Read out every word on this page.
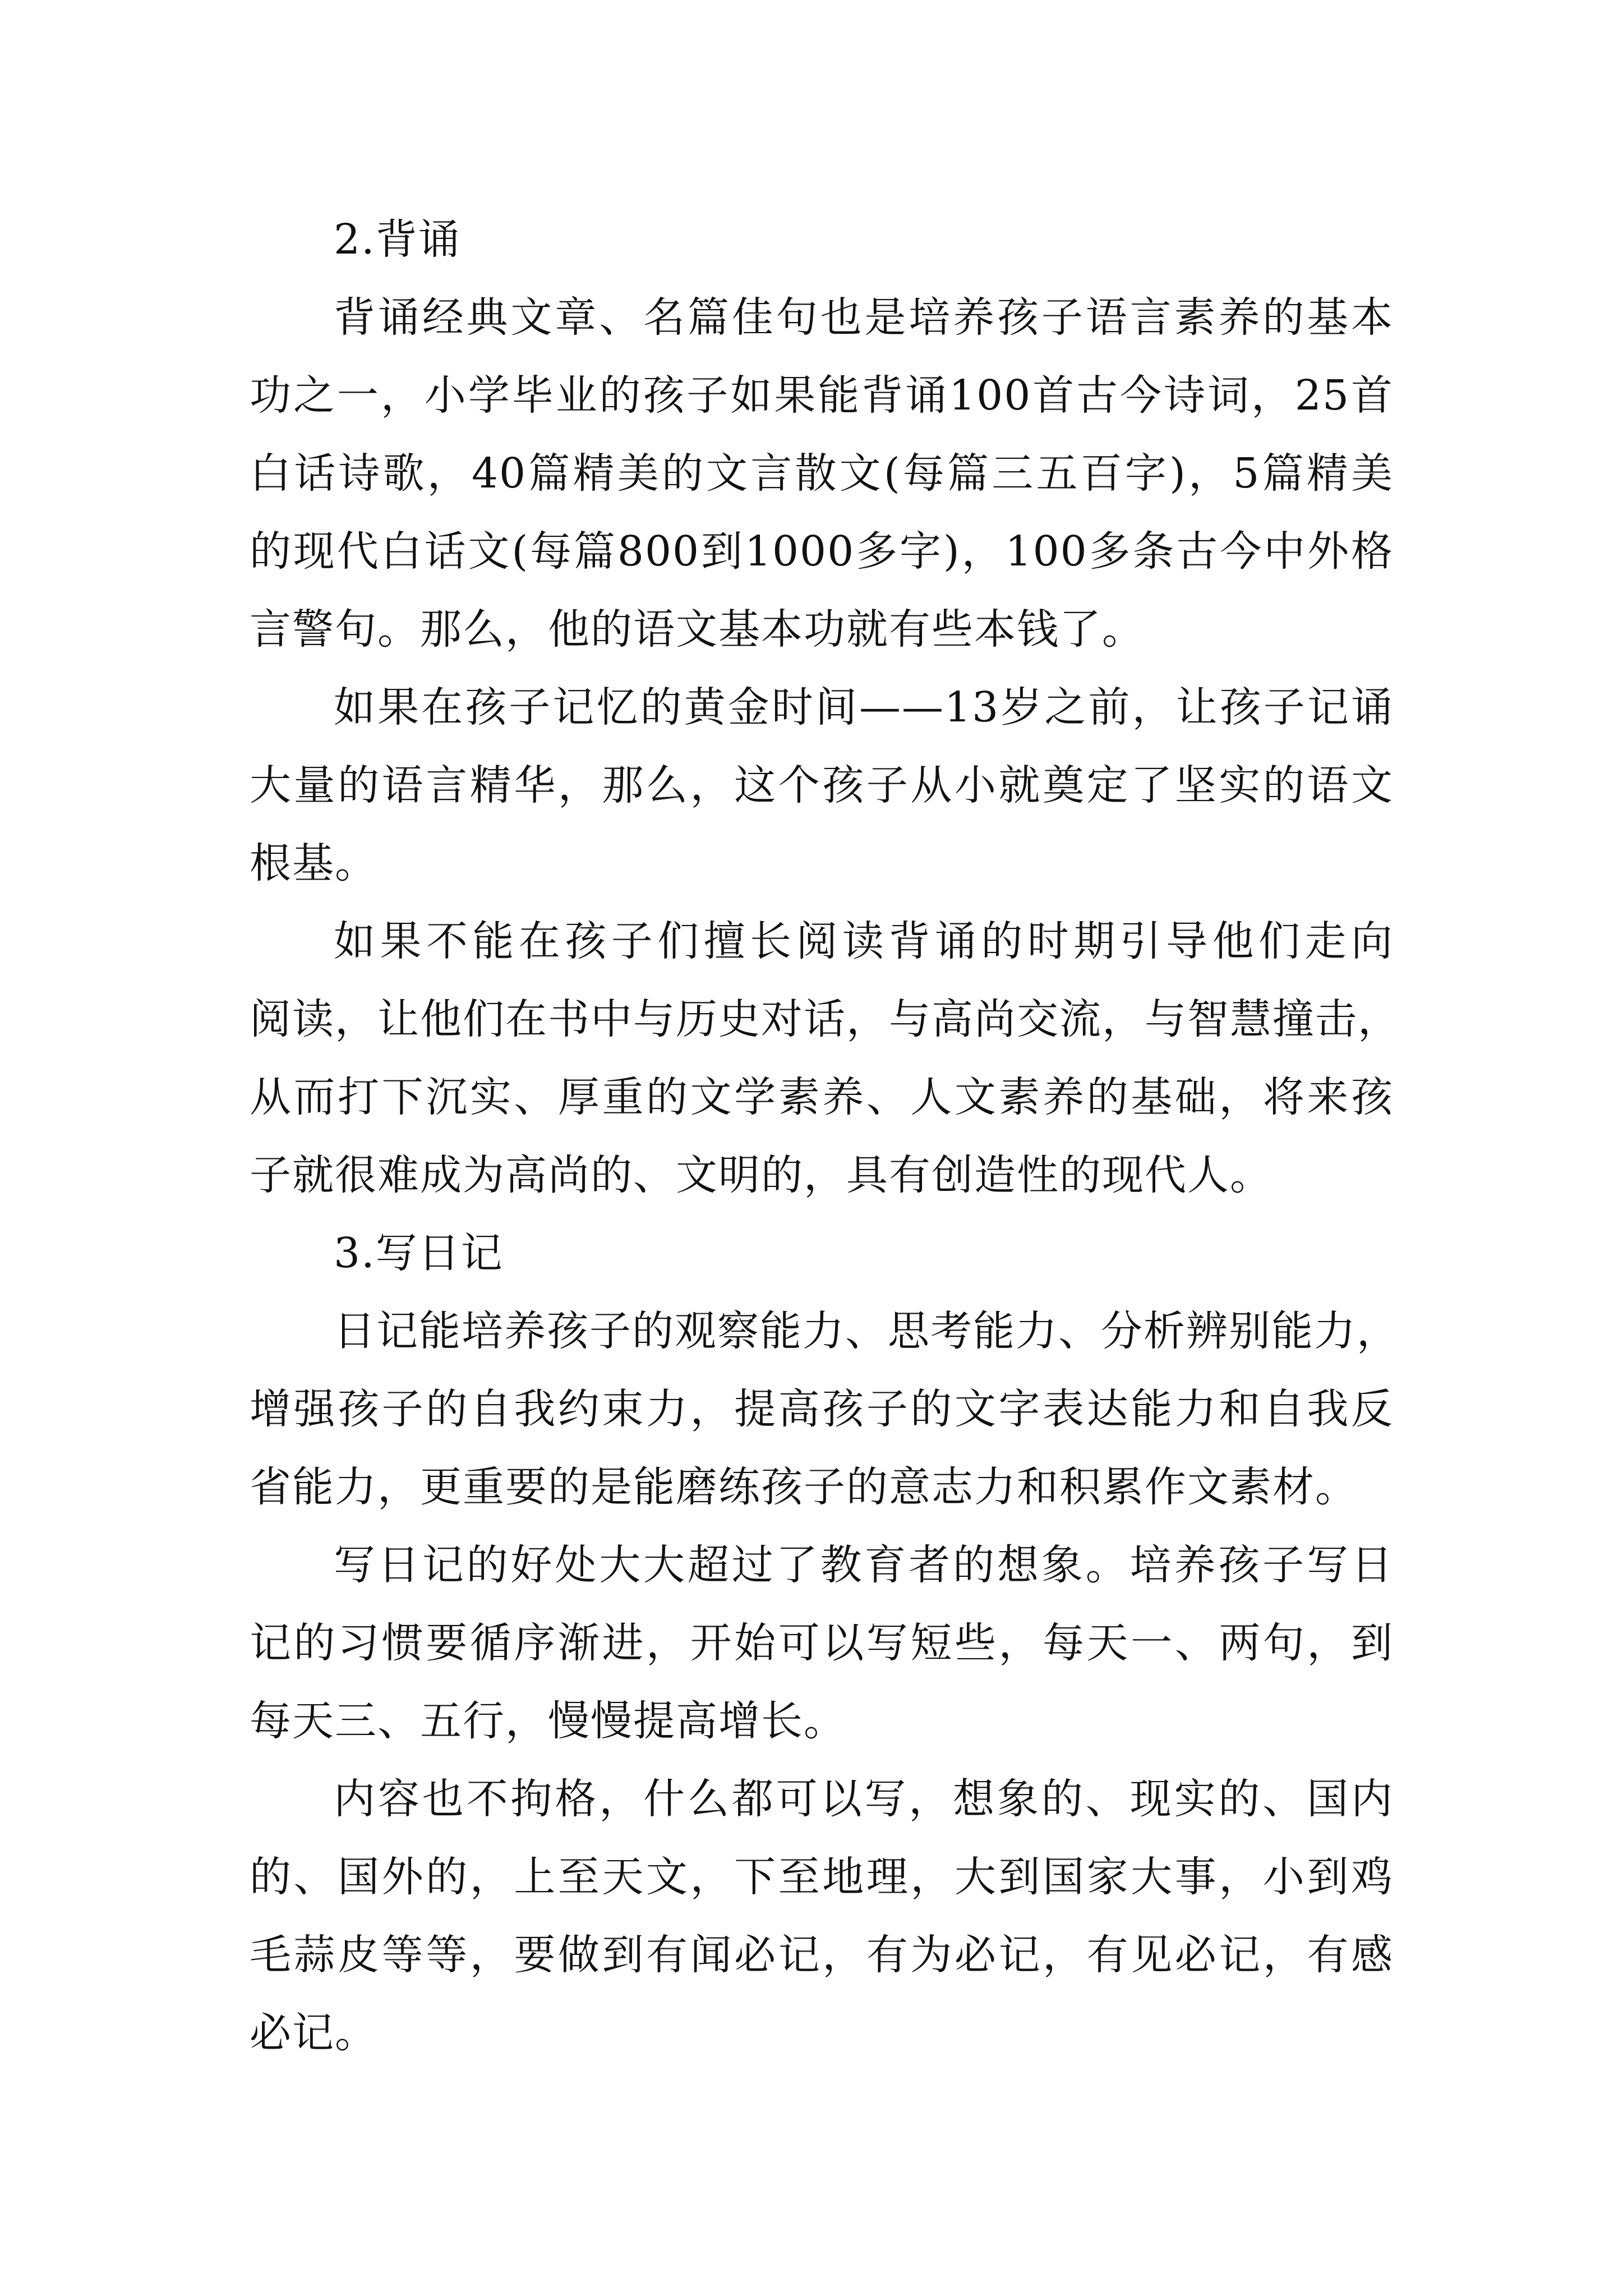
2.背诵
背诵经典文章、名篇佳句也是培养孩子语言素养的基本
功之一，小学毕业的孩子如果能背诵100首古今诗词，25首
白话诗歌，40篇精美的文言散文(每篇三五百字)，5篇精美
的现代白话文(每篇800到1000多字)，100多条古今中外格
言警句。那么，他的语文基本功就有些本钱了。
如果在孩子记忆的黄金时间——13岁之前，让孩子记诵
大量的语言精华，那么，这个孩子从小就奠定了坚实的语文
根基。
如果不能在孩子们擅长阅读背诵的时期引导他们走向
阅读，让他们在书中与历史对话，与高尚交流，与智慧撞击，
从而打下沉实、厚重的文学素养、人文素养的基础，将来孩
子就很难成为高尚的、文明的，具有创造性的现代人。
3.写日记
日记能培养孩子的观察能力、思考能力、分析辨别能力，
增强孩子的自我约束力，提高孩子的文字表达能力和自我反
省能力，更重要的是能磨练孩子的意志力和积累作文素材。
写日记的好处大大超过了教育者的想象。培养孩子写日
记的习惯要循序渐进，开始可以写短些，每天一、两句，到
每天三、五行，慢慢提高增长。
内容也不拘格，什么都可以写，想象的、现实的、国内
的、国外的，上至天文，下至地理，大到国家大事，小到鸡
毛蒜皮等等，要做到有闻必记，有为必记，有见必记，有感
必记。
